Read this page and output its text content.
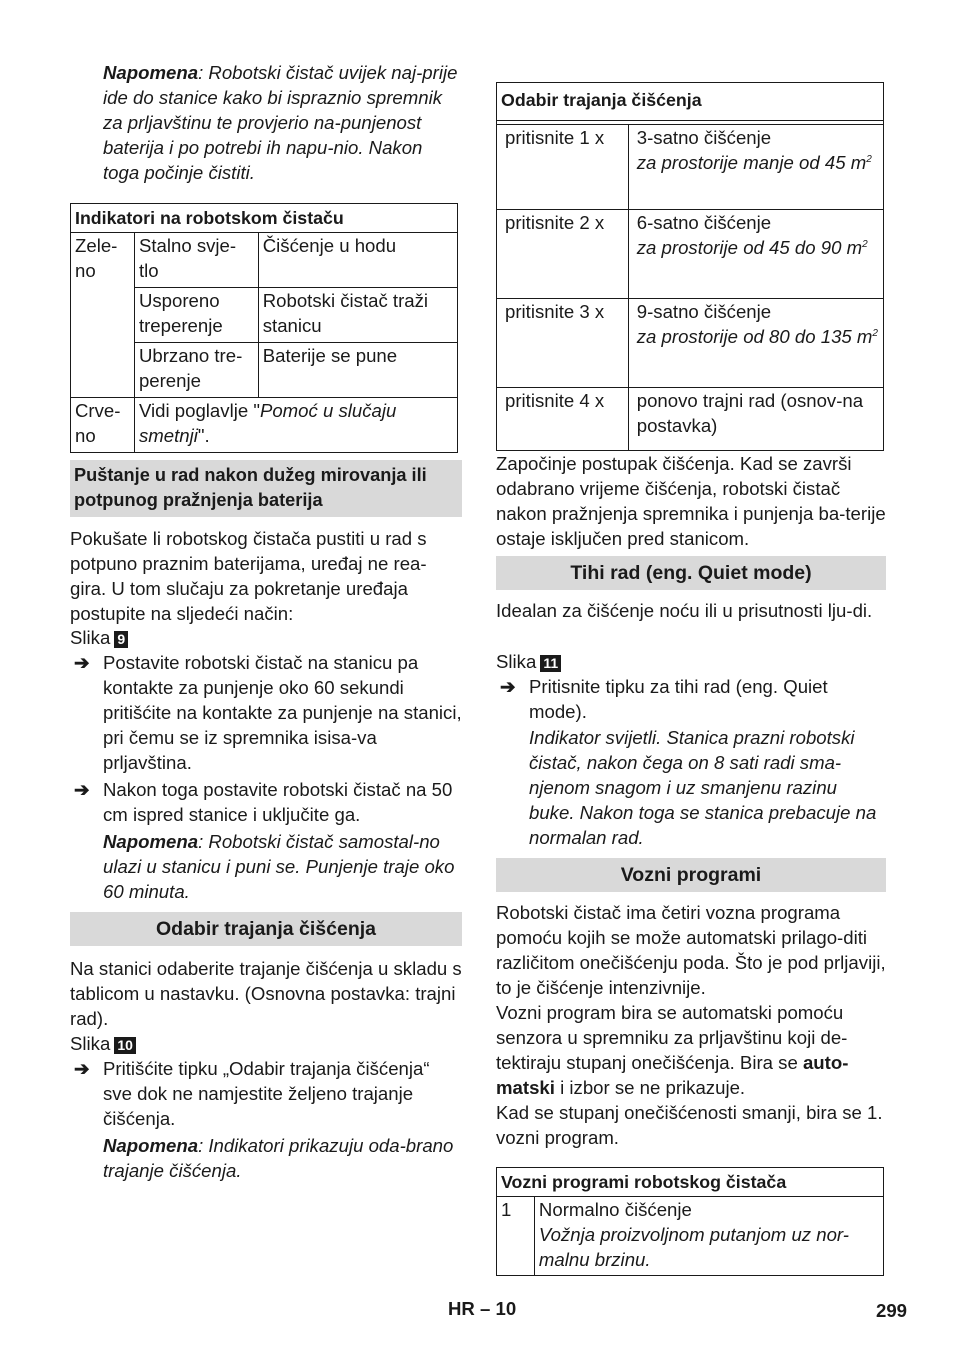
Napomena: Robotski čistač uvijek naj-prije ide do stanice kako bi ispraznio spremnik za prljavštinu te provjerio na-punjenost baterija i po potrebi ih napu-nio. Nakon toga počinje čistiti.

Indikatori na robotskom čistaču		
Zele-no	Stalno svje-tlo	Čišćenje u hodu
	Usporeno treperenje	Robotski čistač traži stanicu
	Ubrzano tre-perenje	Baterije se pune
Crve-no	Vidi poglavlje "Pomoć u slučaju smetnji".	
Puštanje u rad nakon dužeg mirovanja ili potpunog pražnjenja baterija

Pokušate li robotskog čistača pustiti u rad s potpuno praznim baterijama, uređaj ne rea-gira. U tom slučaju za pokretanje uređaja postupite na sljedeći način:

Slika 9

➔ Postavite robotski čistač na stanicu pa kontakte za punjenje oko 60 sekundi pritišćite na kontakte za punjenje na stanici, pri čemu se iz spremnika isisa-va prljavština.

➔ Nakon toga postavite robotski čistač na 50 cm ispred stanice i uključite ga.

Napomena: Robotski čistač samostal-no ulazi u stanicu i puni se. Punjenje traje oko 60 minuta.

Odabir trajanja čišćenja

Na stanici odaberite trajanje čišćenja u skladu s tablicom u nastavku. (Osnovna postavka: trajni rad).

Slika 10

➔ Pritišćite tipku „Odabir trajanja čišćenja“ sve dok ne namjestite željeno trajanje čišćenja.

Napomena: Indikatori prikazuju oda-brano trajanje čišćenja.

Odabir trajanja čišćenja	

pritisnite 1 x	3-satno čišćenje
za prostorije manje od 45 $m^2$

pritisnite 2 x	6-satno čišćenje
za prostorije od 45 do 90 $m^2$

pritisnite 3 x	9-satno čišćenje
za prostorije od 80 do 135 $m^2$

pritisnite 4 x	ponovo trajni rad (osnov-na postavka)

Započinje postupak čišćenja. Kad se završi odabrano vrijeme čišćenja, robotski čistač nakon pražnjenja spremnika i punjenja ba-terije ostaje isključen pred stanicom.

Tihi rad (eng. Quiet mode)

Idealan za čišćenje noću ili u prisutnosti lju-di.

Slika 11

➔ Pritisnite tipku za tihi rad (eng. Quiet mode).

Indikator svijetli. Stanica prazni robotski čistač, nakon čega on 8 sati radi sma-njenom snagom i uz smanjenu razinu buke. Nakon toga se stanica prebacuje na normalan rad.

Vozni programi

Robotski čistač ima četiri vozna programa pomoću kojih se može automatski prilago-diti različitom onečišćenju poda. Što je pod prljaviji, to je čišćenje intenzivnije.

Vozni program bira se automatski pomoću senzora u spremniku za prljavštinu koji de-tektiraju stupanj onečišćenja. Bira se auto-matski i izbor se ne prikazuje.

Kad se stupanj onečišćenosti smanji, bira se 1. vozni program.

Vozni programi robotskog čistača
1	Normalno čišćenje
Vožnja proizvoljnom putanjom uz nor-malnu brzinu.
HR – 10	299
